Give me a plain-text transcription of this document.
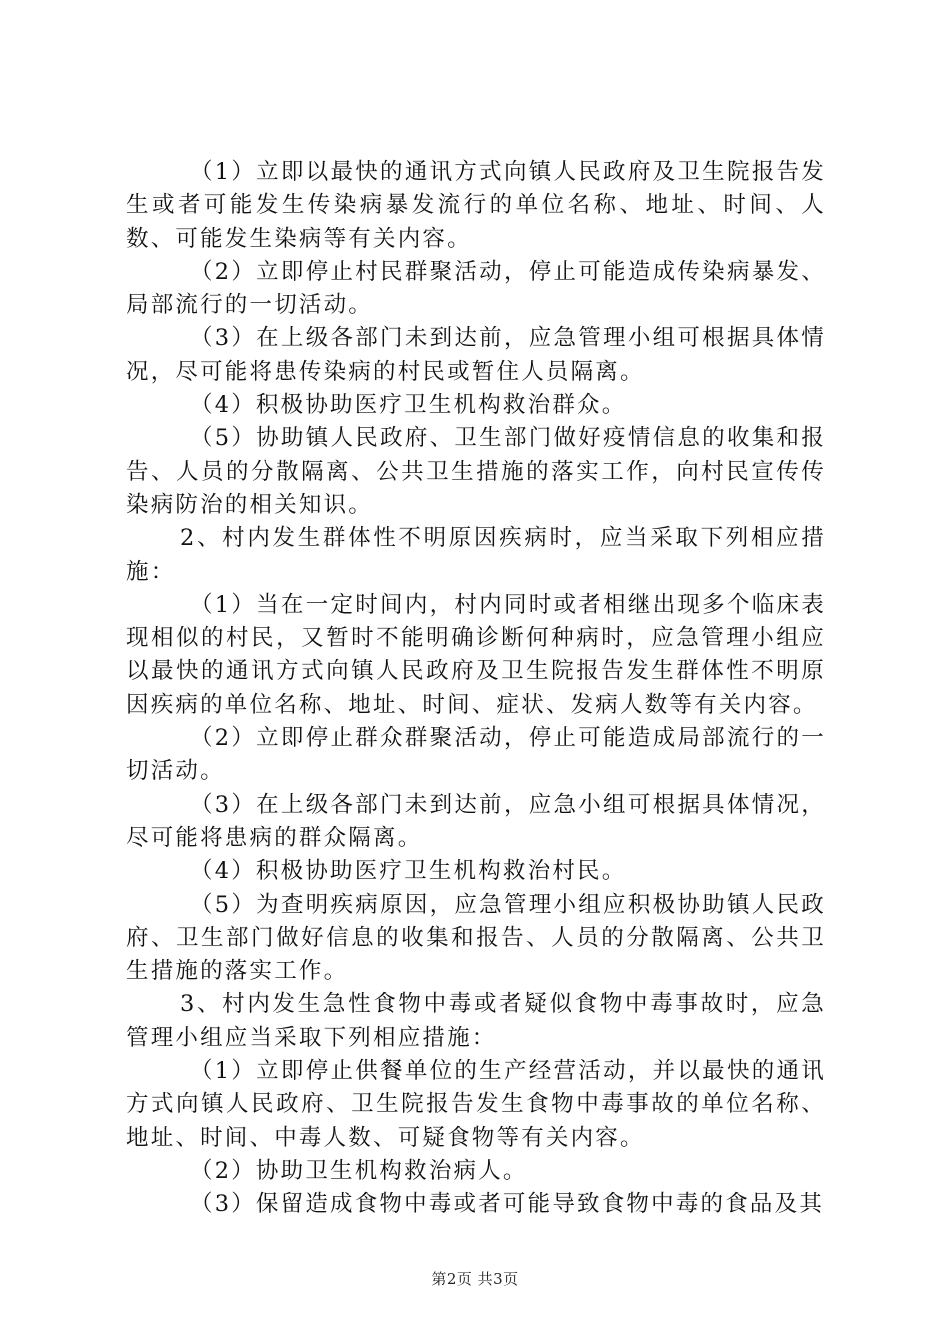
（1）立即以最快的通讯方式向镇人民政府及卫生院报告发生或者可能发生传染病暴发流行的单位名称、地址、时间、人数、可能发生染病等有关内容。

（2）立即停止村民群聚活动，停止可能造成传染病暴发、局部流行的一切活动。

（3）在上级各部门未到达前，应急管理小组可根据具体情况，尽可能将患传染病的村民或暂住人员隔离。

（4）积极协助医疗卫生机构救治群众。

（5）协助镇人民政府、卫生部门做好疫情信息的收集和报告、人员的分散隔离、公共卫生措施的落实工作，向村民宣传传染病防治的相关知识。

2、村内发生群体性不明原因疾病时，应当采取下列相应措施：

（1）当在一定时间内，村内同时或者相继出现多个临床表现相似的村民，又暂时不能明确诊断何种病时，应急管理小组应以最快的通讯方式向镇人民政府及卫生院报告发生群体性不明原因疾病的单位名称、地址、时间、症状、发病人数等有关内容。

（2）立即停止群众群聚活动，停止可能造成局部流行的一切活动。

（3）在上级各部门未到达前，应急小组可根据具体情况，尽可能将患病的群众隔离。

（4）积极协助医疗卫生机构救治村民。

（5）为查明疾病原因，应急管理小组应积极协助镇人民政府、卫生部门做好信息的收集和报告、人员的分散隔离、公共卫生措施的落实工作。

3、村内发生急性食物中毒或者疑似食物中毒事故时，应急管理小组应当采取下列相应措施：

（1）立即停止供餐单位的生产经营活动，并以最快的通讯方式向镇人民政府、卫生院报告发生食物中毒事故的单位名称、地址、时间、中毒人数、可疑食物等有关内容。

（2）协助卫生机构救治病人。

（3）保留造成食物中毒或者可能导致食物中毒的食品及其

第2页 共3页
